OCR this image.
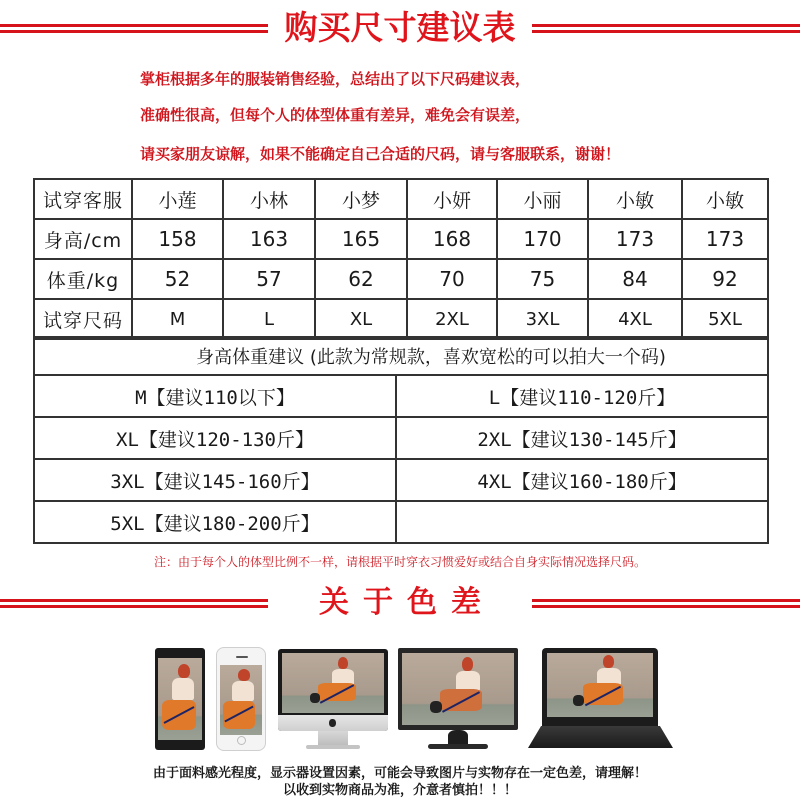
购买尺寸建议表
掌柜根据多年的服装销售经验，总结出了以下尺码建议表，
准确性很高，但每个人的体型体重有差异，难免会有误差，
请买家朋友谅解，如果不能确定自己合适的尺码，请与客服联系，谢谢！
试穿客服	小莲	小林	小梦	小妍	小丽	小敏	小敏
身高/cm	158	163	165	168	170	173	173
体重/kg	52	57	62	70	75	84	92
试穿尺码	M	L	XL	2XL	3XL	4XL	5XL
身高体重建议 (此款为常规款，喜欢宽松的可以拍大一个码)	
M【建议110以下】	L【建议110-120斤】
XL【建议120-130斤】	2XL【建议130-145斤】
3XL【建议145-160斤】	4XL【建议160-180斤】
5XL【建议180-200斤】	
注：由于每个人的体型比例不一样，请根据平时穿衣习惯爱好或结合自身实际情况选择尺码。
关于色差
由于面料感光程度，显示器设置因素，可能会导致图片与实物存在一定色差，请理解！
以收到实物商品为准，介意者慎拍！！！
